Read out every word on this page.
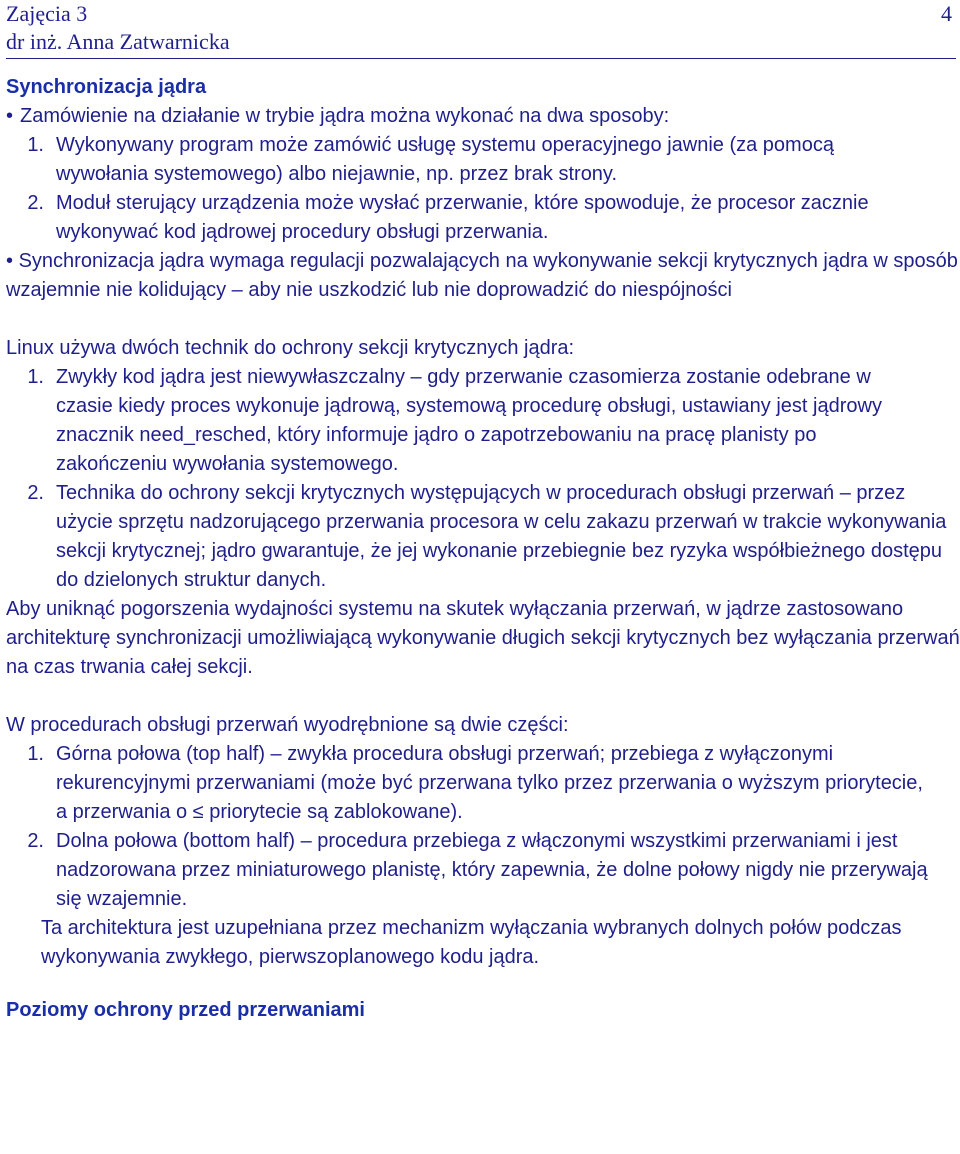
Zajęcia 3
dr inż. Anna Zatwarnicka
4

Synchronizacja jądra

• Zamówienie na działanie w trybie jądra można wykonać na dwa sposoby:
1. Wykonywany program może zamówić usługę systemu operacyjnego jawnie (za pomocą wywołania systemowego) albo niejawnie, np. przez brak strony.
2. Moduł sterujący urządzenia może wysłać przerwanie, które spowoduje, że procesor zacznie wykonywać kod jądrowej procedury obsługi przerwania.

• Synchronizacja jądra wymaga regulacji pozwalających na wykonywanie sekcji krytycznych jądra w sposób wzajemnie nie kolidujący – aby nie uszkodzić lub nie doprowadzić do niespójności

Linux używa dwóch technik do ochrony sekcji krytycznych jądra:

1. Zwykły kod jądra jest niewywłaszczalny – gdy przerwanie czasomierza zostanie odebrane w czasie kiedy proces wykonuje jądrową, systemową procedurę obsługi, ustawiany jest jądrowy znacznik need_resched, który informuje jądro o zapotrzebowaniu na pracę planisty po zakończeniu wywołania systemowego.
2. Technika do ochrony sekcji krytycznych występujących w procedurach obsługi przerwań – przez użycie sprzętu nadzorującego przerwania procesora w celu zakazu przerwań w trakcie wykonywania sekcji krytycznej; jądro gwarantuje, że jej wykonanie przebiegnie bez ryzyka współbieżnego dostępu do dzielonych struktur danych.

Aby uniknąć pogorszenia wydajności systemu na skutek wyłączania przerwań, w jądrze zastosowano architekturę synchronizacji umożliwiającą wykonywanie długich sekcji krytycznych bez wyłączania przerwań na czas trwania całej sekcji.

W procedurach obsługi przerwań wyodrębnione są dwie części:

1. Górna połowa (top half) – zwykła procedura obsługi przerwań; przebiega z wyłączonymi rekurencyjnymi przerwaniami (może być przerwana tylko przez przerwania o wyższym priorytecie, a przerwania o ≤ priorytecie są zablokowane).
2. Dolna połowa (bottom half) – procedura przebiega z włączonymi wszystkimi przerwaniami i jest nadzorowana przez miniaturowego planistę, który zapewnia, że dolne połowy nigdy nie przerywają się wzajemnie.

Ta architektura jest uzupełniana przez mechanizm wyłączania wybranych dolnych połów podczas wykonywania zwykłego, pierwszoplanowego kodu jądra.

Poziomy ochrony przed przerwaniami
